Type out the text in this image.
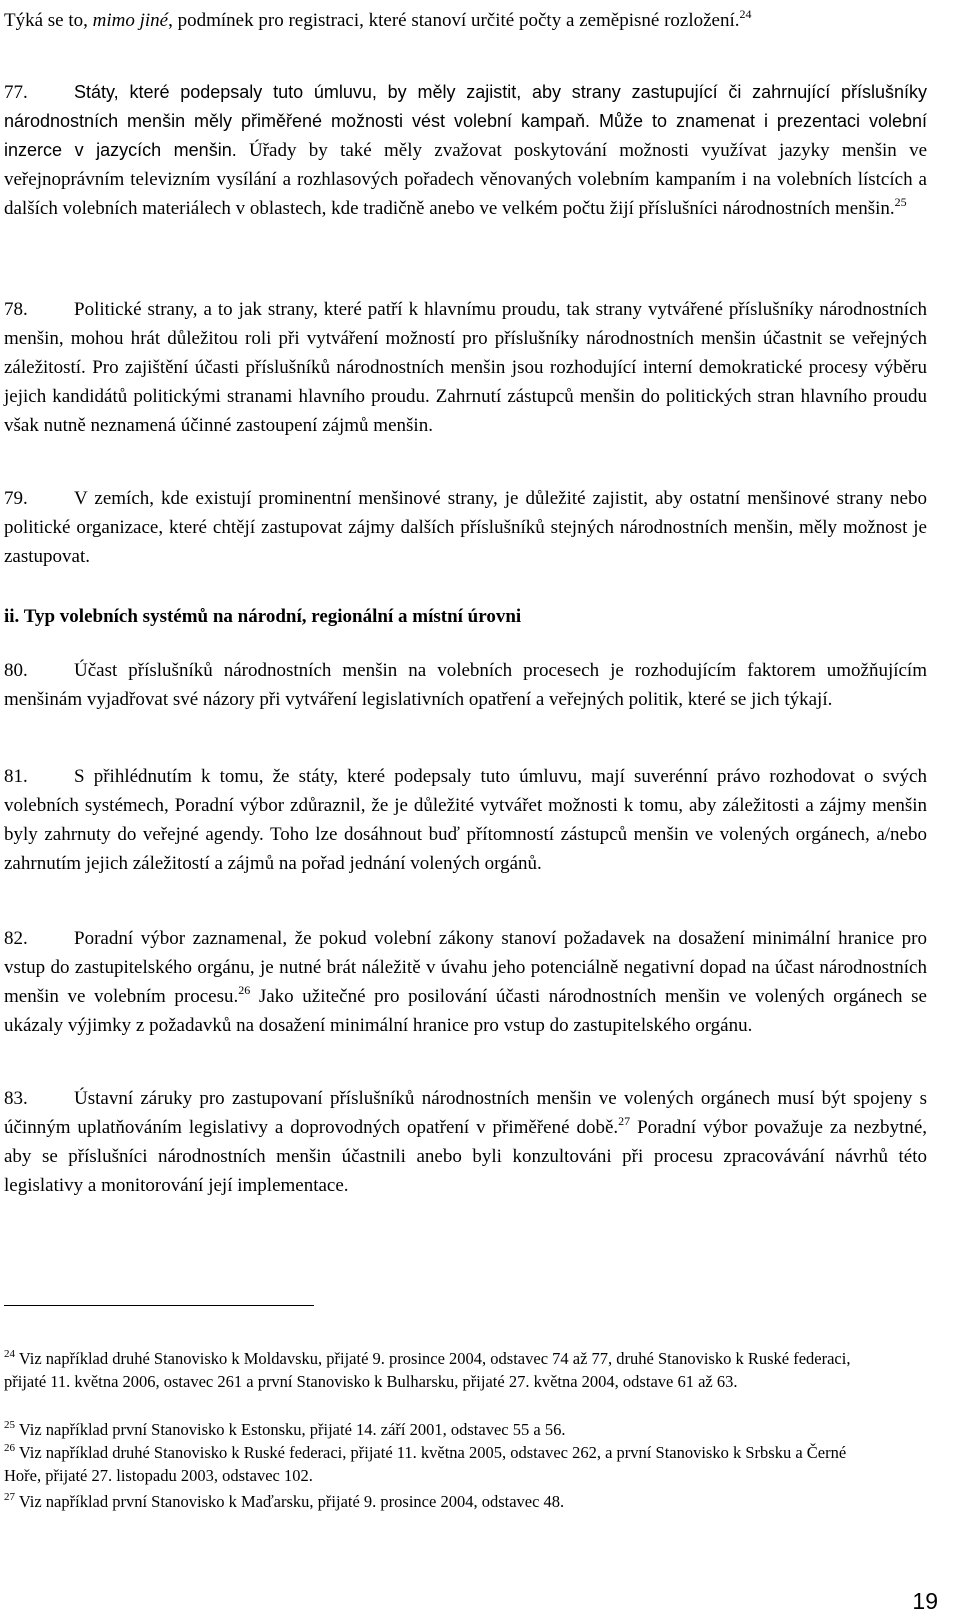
Týká se to, mimo jiné, podmínek pro registraci, které stanoví určité počty a zeměpisné rozložení.$^{24}$

77.	Státy, které podepsaly tuto úmluvu, by měly zajistit, aby strany zastupující či zahrnující příslušníky národnostních menšin měly přiměřené možnosti vést volební kampaň. Může to znamenat i prezentaci volební inzerce v jazycích menšin. Úřady by také měly zvažovat poskytování možnosti využívat jazyky menšin ve veřejnoprávním televizním vysílání a rozhlasových pořadech věnovaných volebním kampaním i na volebních lístcích a dalších volebních materiálech v oblastech, kde tradičně anebo ve velkém počtu žijí příslušníci národnostních menšin.$^{25}$

78. Politické strany, a to jak strany, které patří k hlavnímu proudu, tak strany vytvářené příslušníky národnostních menšin, mohou hrát důležitou roli při vytváření možností pro příslušníky národnostních menšin účastnit se veřejných záležitostí. Pro zajištění účasti příslušníků národnostních menšin jsou rozhodující interní demokratické procesy výběru jejich kandidátů politickými stranami hlavního proudu. Zahrnutí zástupců menšin do politických stran hlavního proudu však nutně neznamená účinné zastoupení zájmů menšin.

79. V zemích, kde existují prominentní menšinové strany, je důležité zajistit, aby ostatní menšinové strany nebo politické organizace, které chtějí zastupovat zájmy dalších příslušníků stejných národnostních menšin, měly možnost je zastupovat.

ii. Typ volebních systémů na národní, regionální a místní úrovni

80. Účast příslušníků národnostních menšin na volebních procesech je rozhodujícím faktorem umožňujícím menšinám vyjadřovat své názory při vytváření legislativních opatření a veřejných politik, které se jich týkají.

81. S přihlédnutím k tomu, že státy, které podepsaly tuto úmluvu, mají suverénní právo rozhodovat o svých volebních systémech, Poradní výbor zdůraznil, že je důležité vytvářet možnosti k tomu, aby záležitosti a zájmy menšin byly zahrnuty do veřejné agendy. Toho lze dosáhnout buď přítomností zástupců menšin ve volených orgánech, a/nebo zahrnutím jejich záležitostí a zájmů na pořad jednání volených orgánů.

82. Poradní výbor zaznamenal, že pokud volební zákony stanoví požadavek na dosažení minimální hranice pro vstup do zastupitelského orgánu, je nutné brát náležitě v úvahu jeho potenciálně negativní dopad na účast národnostních menšin ve volebním procesu.$^{26}$ Jako užitečné pro posilování účasti národnostních menšin ve volených orgánech se ukázaly výjimky z požadavků na dosažení minimální hranice pro vstup do zastupitelského orgánu.

83. Ústavní záruky pro zastupovaní příslušníků národnostních menšin ve volených orgánech musí být spojeny s účinným uplatňováním legislativy a doprovodných opatření v přiměřené době.$^{27}$ Poradní výbor považuje za nezbytné, aby se příslušníci národnostních menšin účastnili anebo byli konzultováni při procesu zpracovávání návrhů této legislativy a monitorování její implementace.

$^{24}$ Viz například druhé Stanovisko k Moldavsku, přijaté 9. prosince 2004, odstavec 74 až 77, druhé Stanovisko k Ruské federaci, přijaté 11. května 2006, ostavec 261 a první Stanovisko k Bulharsku, přijaté 27. května 2004, odstave 61 až 63.

$^{25}$ Viz například první Stanovisko k Estonsku, přijaté 14. září 2001, odstavec 55 a 56.

$^{26}$ Viz například druhé Stanovisko k Ruské federaci, přijaté 11. května 2005, odstavec 262, a první Stanovisko k Srbsku a Černé Hoře, přijaté 27. listopadu 2003, odstavec 102.

$^{27}$ Viz například první Stanovisko k Maďarsku, přijaté 9. prosince 2004, odstavec 48.

19
